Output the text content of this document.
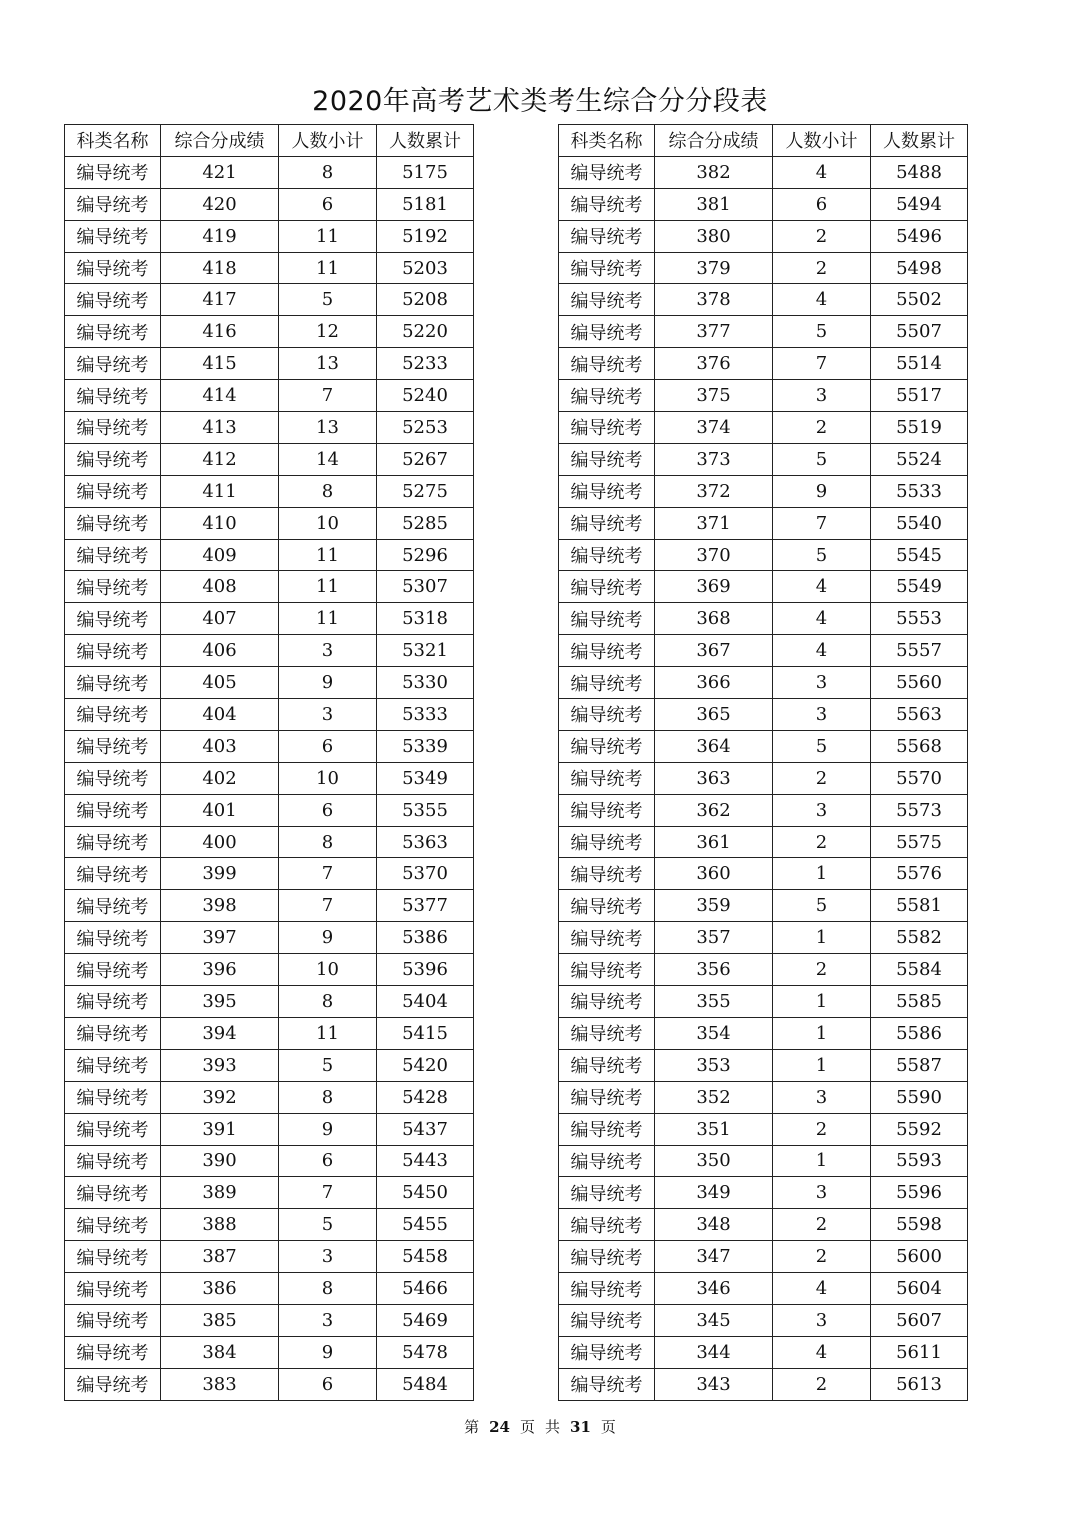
2020年高考艺术类考生综合分分段表
科类名称	综合分成绩	人数小计	人数累计
编导统考	421	8	5175
编导统考	420	6	5181
编导统考	419	11	5192
编导统考	418	11	5203
编导统考	417	5	5208
编导统考	416	12	5220
编导统考	415	13	5233
编导统考	414	7	5240
编导统考	413	13	5253
编导统考	412	14	5267
编导统考	411	8	5275
编导统考	410	10	5285
编导统考	409	11	5296
编导统考	408	11	5307
编导统考	407	11	5318
编导统考	406	3	5321
编导统考	405	9	5330
编导统考	404	3	5333
编导统考	403	6	5339
编导统考	402	10	5349
编导统考	401	6	5355
编导统考	400	8	5363
编导统考	399	7	5370
编导统考	398	7	5377
编导统考	397	9	5386
编导统考	396	10	5396
编导统考	395	8	5404
编导统考	394	11	5415
编导统考	393	5	5420
编导统考	392	8	5428
编导统考	391	9	5437
编导统考	390	6	5443
编导统考	389	7	5450
编导统考	388	5	5455
编导统考	387	3	5458
编导统考	386	8	5466
编导统考	385	3	5469
编导统考	384	9	5478
编导统考	383	6	5484
科类名称	综合分成绩	人数小计	人数累计
编导统考	382	4	5488
编导统考	381	6	5494
编导统考	380	2	5496
编导统考	379	2	5498
编导统考	378	4	5502
编导统考	377	5	5507
编导统考	376	7	5514
编导统考	375	3	5517
编导统考	374	2	5519
编导统考	373	5	5524
编导统考	372	9	5533
编导统考	371	7	5540
编导统考	370	5	5545
编导统考	369	4	5549
编导统考	368	4	5553
编导统考	367	4	5557
编导统考	366	3	5560
编导统考	365	3	5563
编导统考	364	5	5568
编导统考	363	2	5570
编导统考	362	3	5573
编导统考	361	2	5575
编导统考	360	1	5576
编导统考	359	5	5581
编导统考	357	1	5582
编导统考	356	2	5584
编导统考	355	1	5585
编导统考	354	1	5586
编导统考	353	1	5587
编导统考	352	3	5590
编导统考	351	2	5592
编导统考	350	1	5593
编导统考	349	3	5596
编导统考	348	2	5598
编导统考	347	2	5600
编导统考	346	4	5604
编导统考	345	3	5607
编导统考	344	4	5611
编导统考	343	2	5613
第 24 页 共 31 页
